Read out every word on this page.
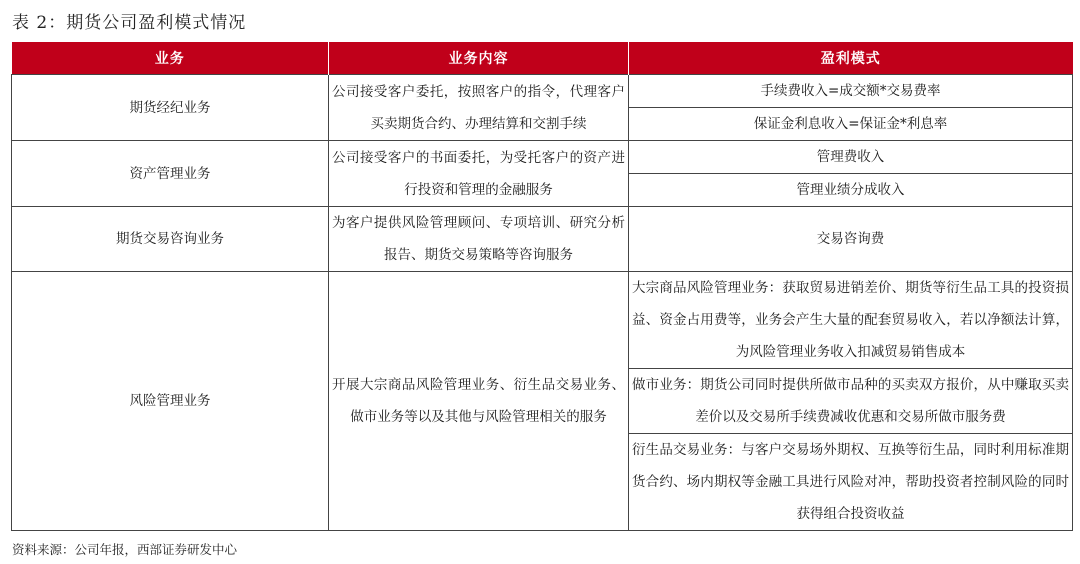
表 2：期货公司盈利模式情况
业务	业务内容	盈利模式
期货经纪业务	公司接受客户委托，按照客户的指令，代理客户买卖期货合约、办理结算和交割手续	手续费收入=成交额*交易费率
		保证金利息收入=保证金*利息率
资产管理业务	公司接受客户的书面委托，为受托客户的资产进行投资和管理的金融服务	管理费收入
		管理业绩分成收入
期货交易咨询业务	为客户提供风险管理顾问、专项培训、研究分析报告、期货交易策略等咨询服务	交易咨询费
风险管理业务	开展大宗商品风险管理业务、衍生品交易业务、做市业务等以及其他与风险管理相关的服务	大宗商品风险管理业务：获取贸易进销差价、期货等衍生品工具的投资损益、资金占用费等，业务会产生大量的配套贸易收入，若以净额法计算，为风险管理业务收入扣减贸易销售成本
		做市业务：期货公司同时提供所做市品种的买卖双方报价，从中赚取买卖差价以及交易所手续费减收优惠和交易所做市服务费
		衍生品交易业务：与客户交易场外期权、互换等衍生品，同时利用标准期货合约、场内期权等金融工具进行风险对冲，帮助投资者控制风险的同时获得组合投资收益
资料来源：公司年报，西部证券研发中心
